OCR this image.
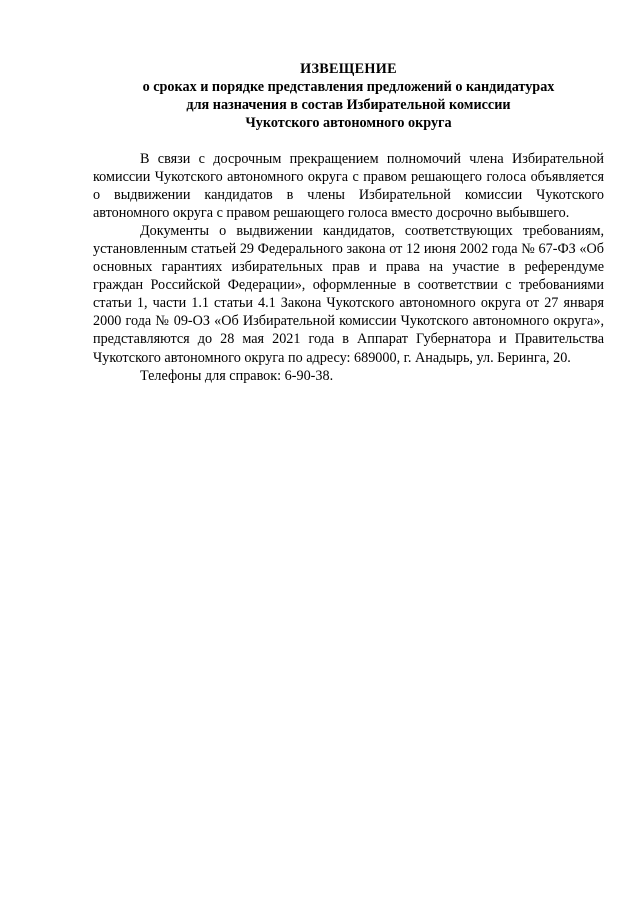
ИЗВЕЩЕНИЕ
о сроках и порядке представления предложений о кандидатурах
для назначения в состав Избирательной комиссии
Чукотского автономного округа

В связи с досрочным прекращением полномочий члена Избирательной комиссии Чукотского автономного округа с правом решающего голоса объявляется о выдвижении кандидатов в члены Избирательной комиссии Чукотского автономного округа с правом решающего голоса вместо досрочно выбывшего.

Документы о выдвижении кандидатов, соответствующих требованиям, установленным статьей 29 Федерального закона от 12 июня 2002 года № 67-ФЗ «Об основных гарантиях избирательных прав и права на участие в референдуме граждан Российской Федерации», оформленные в соответствии с требованиями статьи 1, части 1.1 статьи 4.1 Закона Чукотского автономного округа от 27 января 2000 года № 09-ОЗ «Об Избирательной комиссии Чукотского автономного округа», представляются до 28 мая 2021 года в Аппарат Губернатора и Правительства Чукотского автономного округа по адресу: 689000, г. Анадырь, ул. Беринга, 20.

Телефоны для справок: 6-90-38.
